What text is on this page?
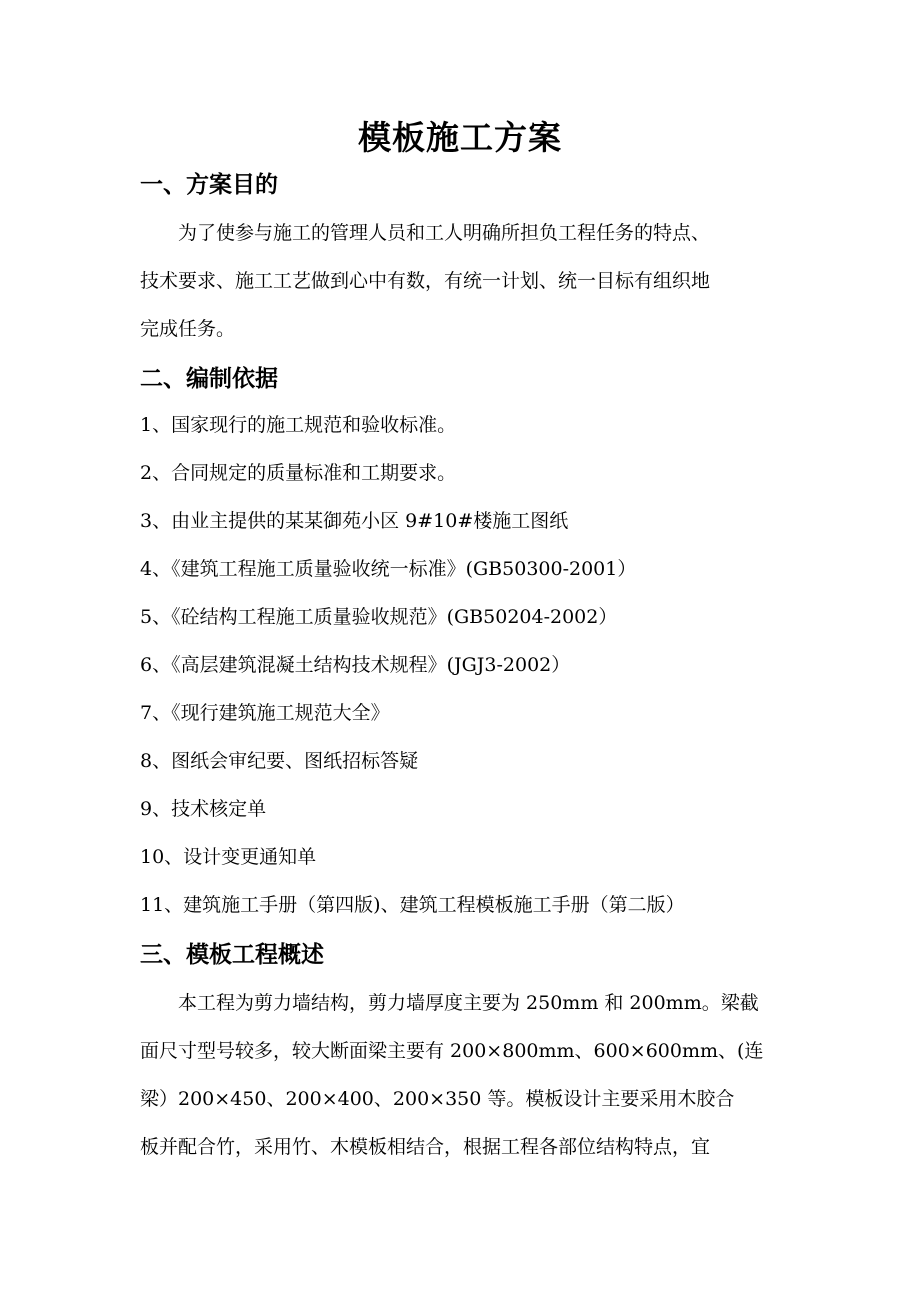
模板施工方案
一、方案目的
为了使参与施工的管理人员和工人明确所担负工程任务的特点、
技术要求、施工工艺做到心中有数，有统一计划、统一目标有组织地
完成任务。
二、编制依据
1、国家现行的施工规范和验收标准。
2、合同规定的质量标准和工期要求。
3、由业主提供的某某御苑小区 9#10#楼施工图纸
4、《建筑工程施工质量验收统一标准》(GB50300-2001）
5、《砼结构工程施工质量验收规范》(GB50204-2002）
6、《高层建筑混凝土结构技术规程》(JGJ3-2002）
7、《现行建筑施工规范大全》
8、图纸会审纪要、图纸招标答疑
9、技术核定单
10、设计变更通知单
11、建筑施工手册（第四版)、建筑工程模板施工手册（第二版）
三、模板工程概述
本工程为剪力墙结构，剪力墙厚度主要为 250mm 和 200mm。梁截
面尺寸型号较多，较大断面梁主要有 200×800mm、600×600mm、(连
梁）200×450、200×400、200×350 等。模板设计主要采用木胶合
板并配合竹，采用竹、木模板相结合，根据工程各部位结构特点，宜
